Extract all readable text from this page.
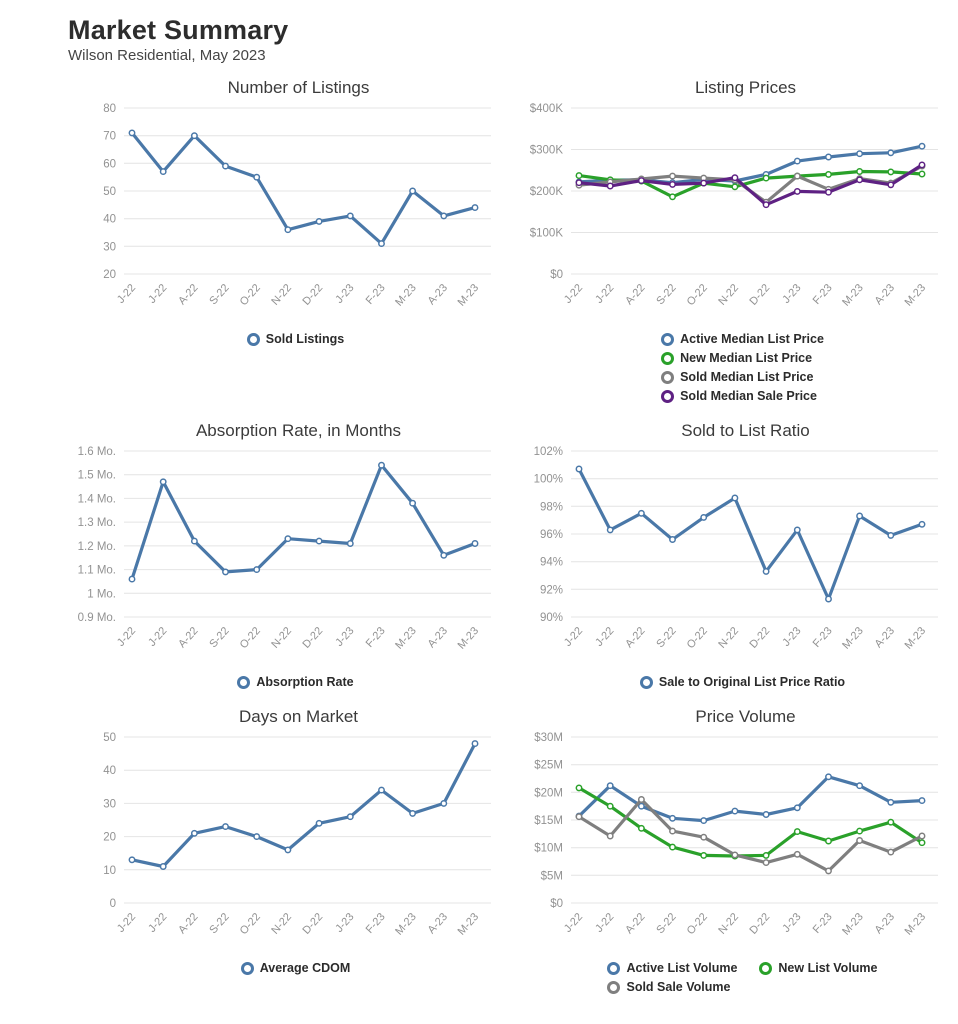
Market Summary

Wilson Residential, May 2023

Number of Listings
20
30
40
50
60
70
80
J-22 J-22 A-22 S-22 O-22 N-22 D-22 J-23 F-23 M-23 A-23 M-23
Sold Listings
Listing Prices
$0
$100K
$200K
$300K
$400K
J-22 J-22 A-22 S-22 O-22 N-22 D-22 J-23 F-23 M-23 A-23 M-23
Active Median List Price
New Median List Price
Sold Median List Price
Sold Median Sale Price
Absorption Rate, in Months
0.9 Mo.
1 Mo.
1.1 Mo.
1.2 Mo.
1.3 Mo.
1.4 Mo.
1.5 Mo.
1.6 Mo.
J-22 J-22 A-22 S-22 O-22 N-22 D-22 J-23 F-23 M-23 A-23 M-23
Absorption Rate
Sold to List Ratio
90%
92%
94%
96%
98%
100%
102%
J-22 J-22 A-22 S-22 O-22 N-22 D-22 J-23 F-23 M-23 A-23 M-23
Sale to Original List Price Ratio
Days on Market
0
10
20
30
40
50
J-22 J-22 A-22 S-22 O-22 N-22 D-22 J-23 F-23 M-23 A-23 M-23
Average CDOM
Price Volume
$0
$5M
$10M
$15M
$20M
$25M
$30M
J-22 J-22 A-22 S-22 O-22 N-22 D-22 J-23 F-23 M-23 A-23 M-23
Active List Volume	New List Volume
Sold Sale Volume
